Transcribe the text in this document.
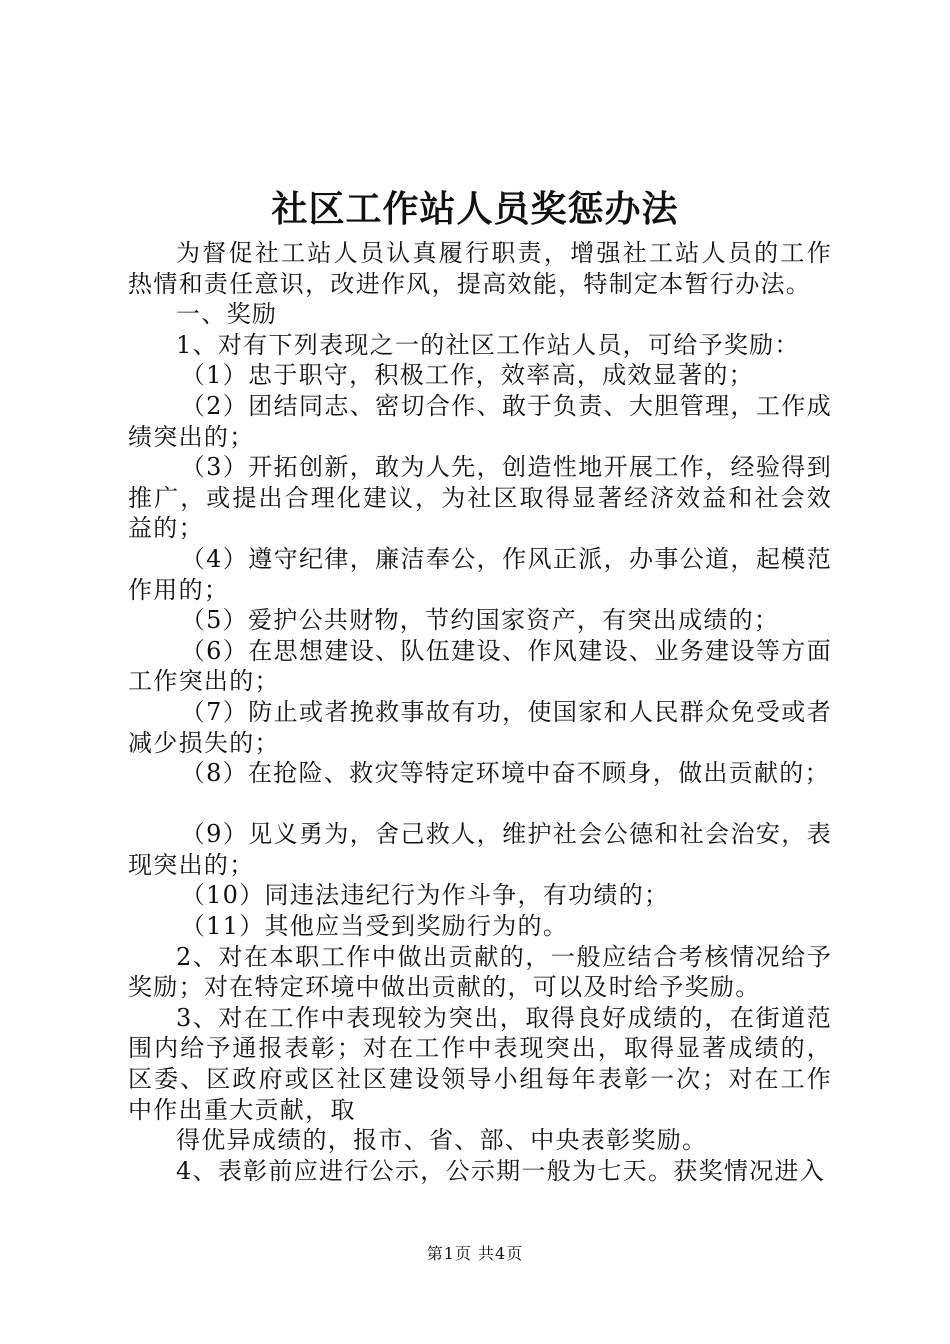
社区工作站人员奖惩办法

为督促社工站人员认真履行职责，增强社工站人员的工作热情和责任意识，改进作风，提高效能，特制定本暂行办法。

一、奖励

1、对有下列表现之一的社区工作站人员，可给予奖励：

（1）忠于职守，积极工作，效率高，成效显著的；

（2）团结同志、密切合作、敢于负责、大胆管理，工作成绩突出的；

（3）开拓创新，敢为人先，创造性地开展工作，经验得到推广，或提出合理化建议，为社区取得显著经济效益和社会效益的；

（4）遵守纪律，廉洁奉公，作风正派，办事公道，起模范作用的；

（5）爱护公共财物，节约国家资产，有突出成绩的；

（6）在思想建设、队伍建设、作风建设、业务建设等方面工作突出的；

（7）防止或者挽救事故有功，使国家和人民群众免受或者减少损失的；

（8）在抢险、救灾等特定环境中奋不顾身，做出贡献的；

（9）见义勇为，舍己救人，维护社会公德和社会治安，表现突出的；

（10）同违法违纪行为作斗争，有功绩的；

（11）其他应当受到奖励行为的。

2、对在本职工作中做出贡献的，一般应结合考核情况给予奖励；对在特定环境中做出贡献的，可以及时给予奖励。

3、对在工作中表现较为突出，取得良好成绩的，在街道范围内给予通报表彰；对在工作中表现突出，取得显著成绩的，区委、区政府或区社区建设领导小组每年表彰一次；对在工作中作出重大贡献，取

得优异成绩的，报市、省、部、中央表彰奖励。

4、表彰前应进行公示，公示期一般为七天。获奖情况进入

第1页 共4页
